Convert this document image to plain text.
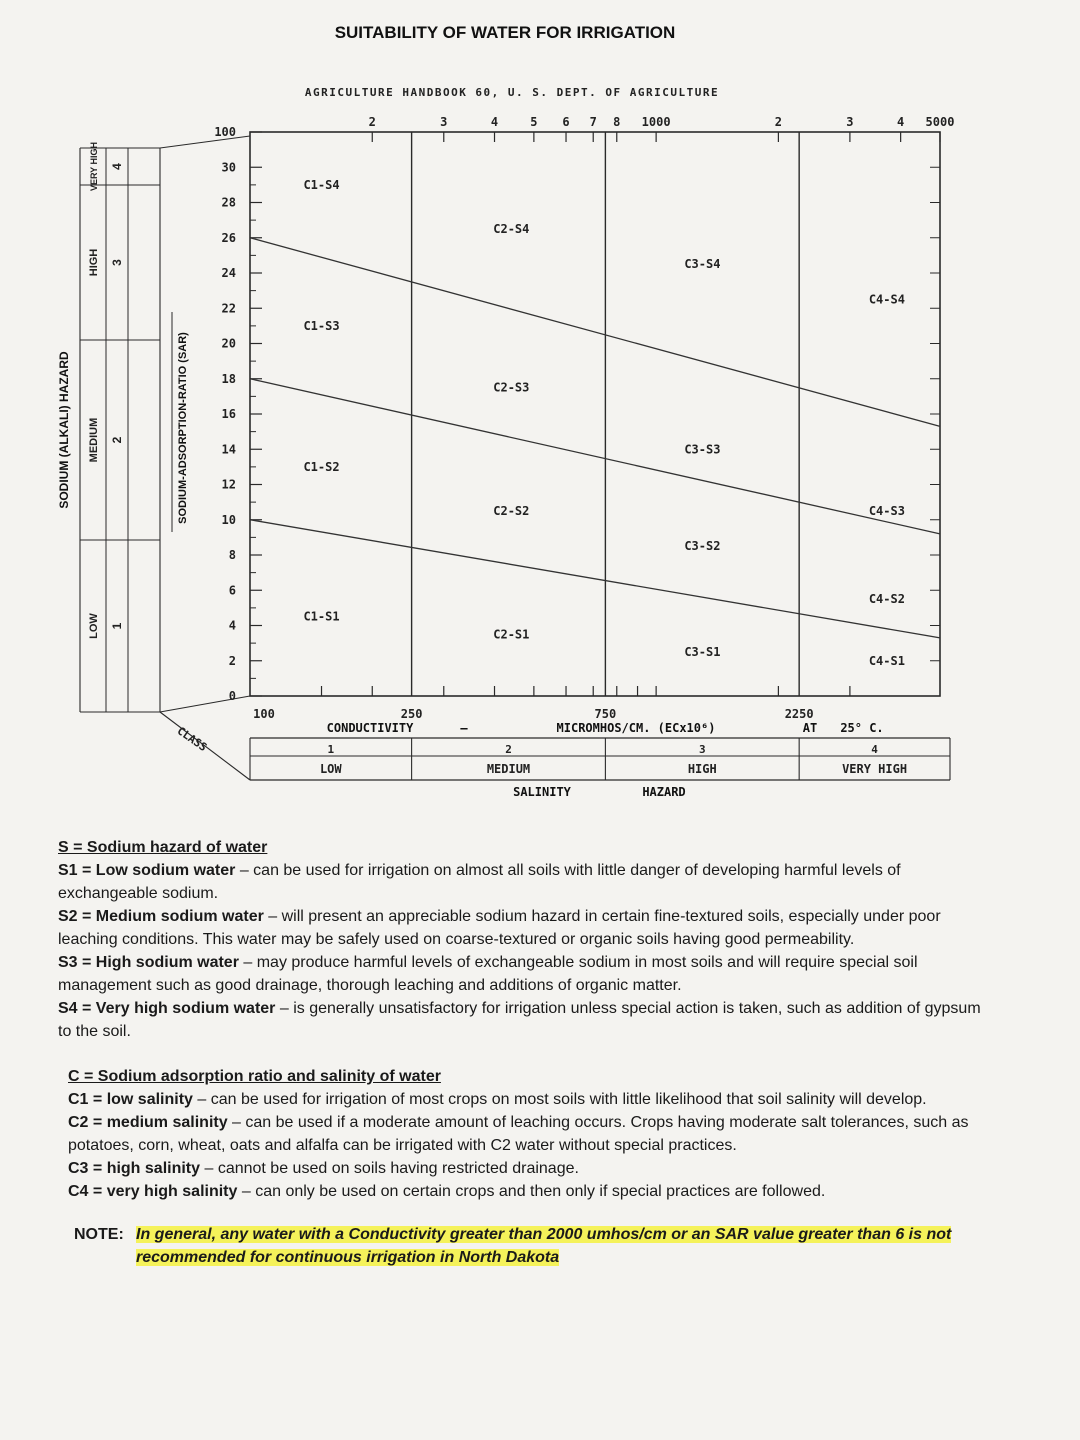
SUITABILITY OF WATER FOR IRRIGATION
AGRICULTURE HANDBOOK 60, U. S. DEPT. OF AGRICULTURE
0
2
4
6
8
10
12
14
16
18
20
22
24
26
28
30
100
2	3	4	5 6 7 8 1000	2	3	4 5000
100	250	750	2250
CONDUCTIVITY	—	MICROMHOS/CM. (ECx10⁶)	AT 25° C.
C1-S4
C1-S3
C1-S2
C1-S1
C2-S4
C2-S3
C2-S2
C2-S1
C3-S4
C3-S3
C3-S2
C3-S1
C4-S4
C4-S3
C4-S2
C4-S1
1
LOW
2
MEDIUM
3
HIGH
4
VERY HIGH
SALINITY	HAZARD
CLASS
LOW 1
MEDIUM 2
HIGH 3
VERY HIGH 4
SODIUM (ALKALI) HAZARD	SODIUM-ADSORPTION-RATIO (SAR)

S = Sodium hazard of water

S1 = Low sodium water – can be used for irrigation on almost all soils with little danger of developing harmful levels of exchangeable sodium.

S2 = Medium sodium water – will present an appreciable sodium hazard in certain fine-textured soils, especially under poor leaching conditions. This water may be safely used on coarse-textured or organic soils having good permeability.

S3 = High sodium water – may produce harmful levels of exchangeable sodium in most soils and will require special soil management such as good drainage, thorough leaching and additions of organic matter.

S4 = Very high sodium water – is generally unsatisfactory for irrigation unless special action is taken, such as addition of gypsum to the soil.

C = Sodium adsorption ratio and salinity of water

C1 = low salinity – can be used for irrigation of most crops on most soils with little likelihood that soil salinity will develop.

C2 = medium salinity – can be used if a moderate amount of leaching occurs. Crops having moderate salt tolerances, such as potatoes, corn, wheat, oats and alfalfa can be irrigated with C2 water without special practices.

C3 = high salinity – cannot be used on soils having restricted drainage.

C4 = very high salinity – can only be used on certain crops and then only if special practices are followed.

NOTE: In general, any water with a Conductivity greater than 2000 umhos/cm or an SAR value greater than 6 is not recommended for continuous irrigation in North Dakota
